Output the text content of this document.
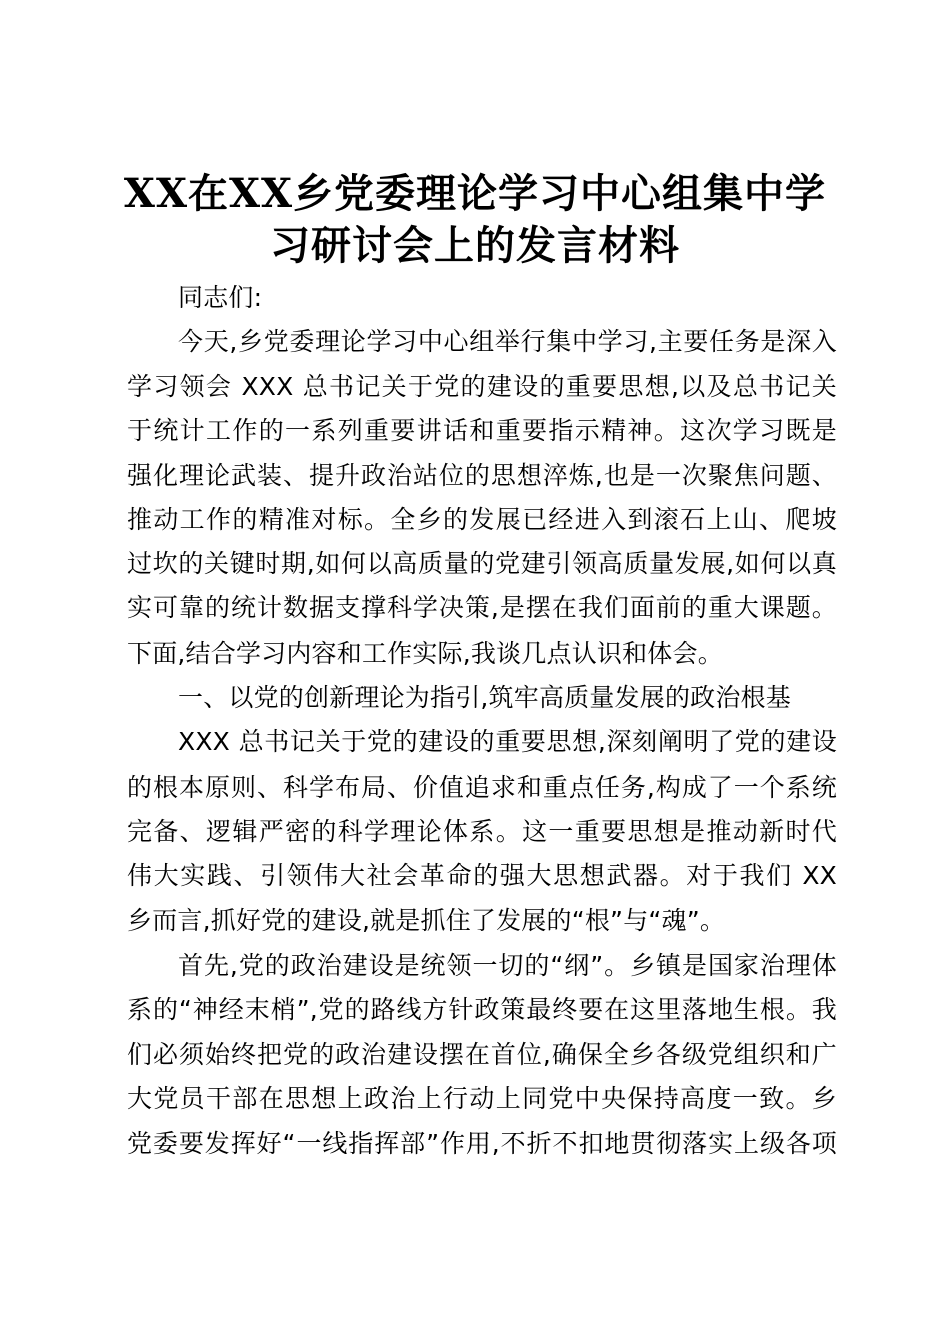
XX在XX乡党委理论学习中心组集中学
习研讨会上的发言材料
同志们:
今天,乡党委理论学习中心组举行集中学习,主要任务是深入
学习领会 XXX 总书记关于党的建设的重要思想,以及总书记关
于统计工作的一系列重要讲话和重要指示精神。这次学习既是
强化理论武装、提升政治站位的思想淬炼,也是一次聚焦问题、
推动工作的精准对标。全乡的发展已经进入到滚石上山、爬坡
过坎的关键时期,如何以高质量的党建引领高质量发展,如何以真
实可靠的统计数据支撑科学决策,是摆在我们面前的重大课题。
下面,结合学习内容和工作实际,我谈几点认识和体会。
一、以党的创新理论为指引,筑牢高质量发展的政治根基
XXX 总书记关于党的建设的重要思想,深刻阐明了党的建设
的根本原则、科学布局、价值追求和重点任务,构成了一个系统
完备、逻辑严密的科学理论体系。这一重要思想是推动新时代
伟大实践、引领伟大社会革命的强大思想武器。对于我们 XX
乡而言,抓好党的建设,就是抓住了发展的“根”与“魂”。
首先,党的政治建设是统领一切的“纲”。乡镇是国家治理体
系的“神经末梢”,党的路线方针政策最终要在这里落地生根。我
们必须始终把党的政治建设摆在首位,确保全乡各级党组织和广
大党员干部在思想上政治上行动上同党中央保持高度一致。乡
党委要发挥好“一线指挥部”作用,不折不扣地贯彻落实上级各项
